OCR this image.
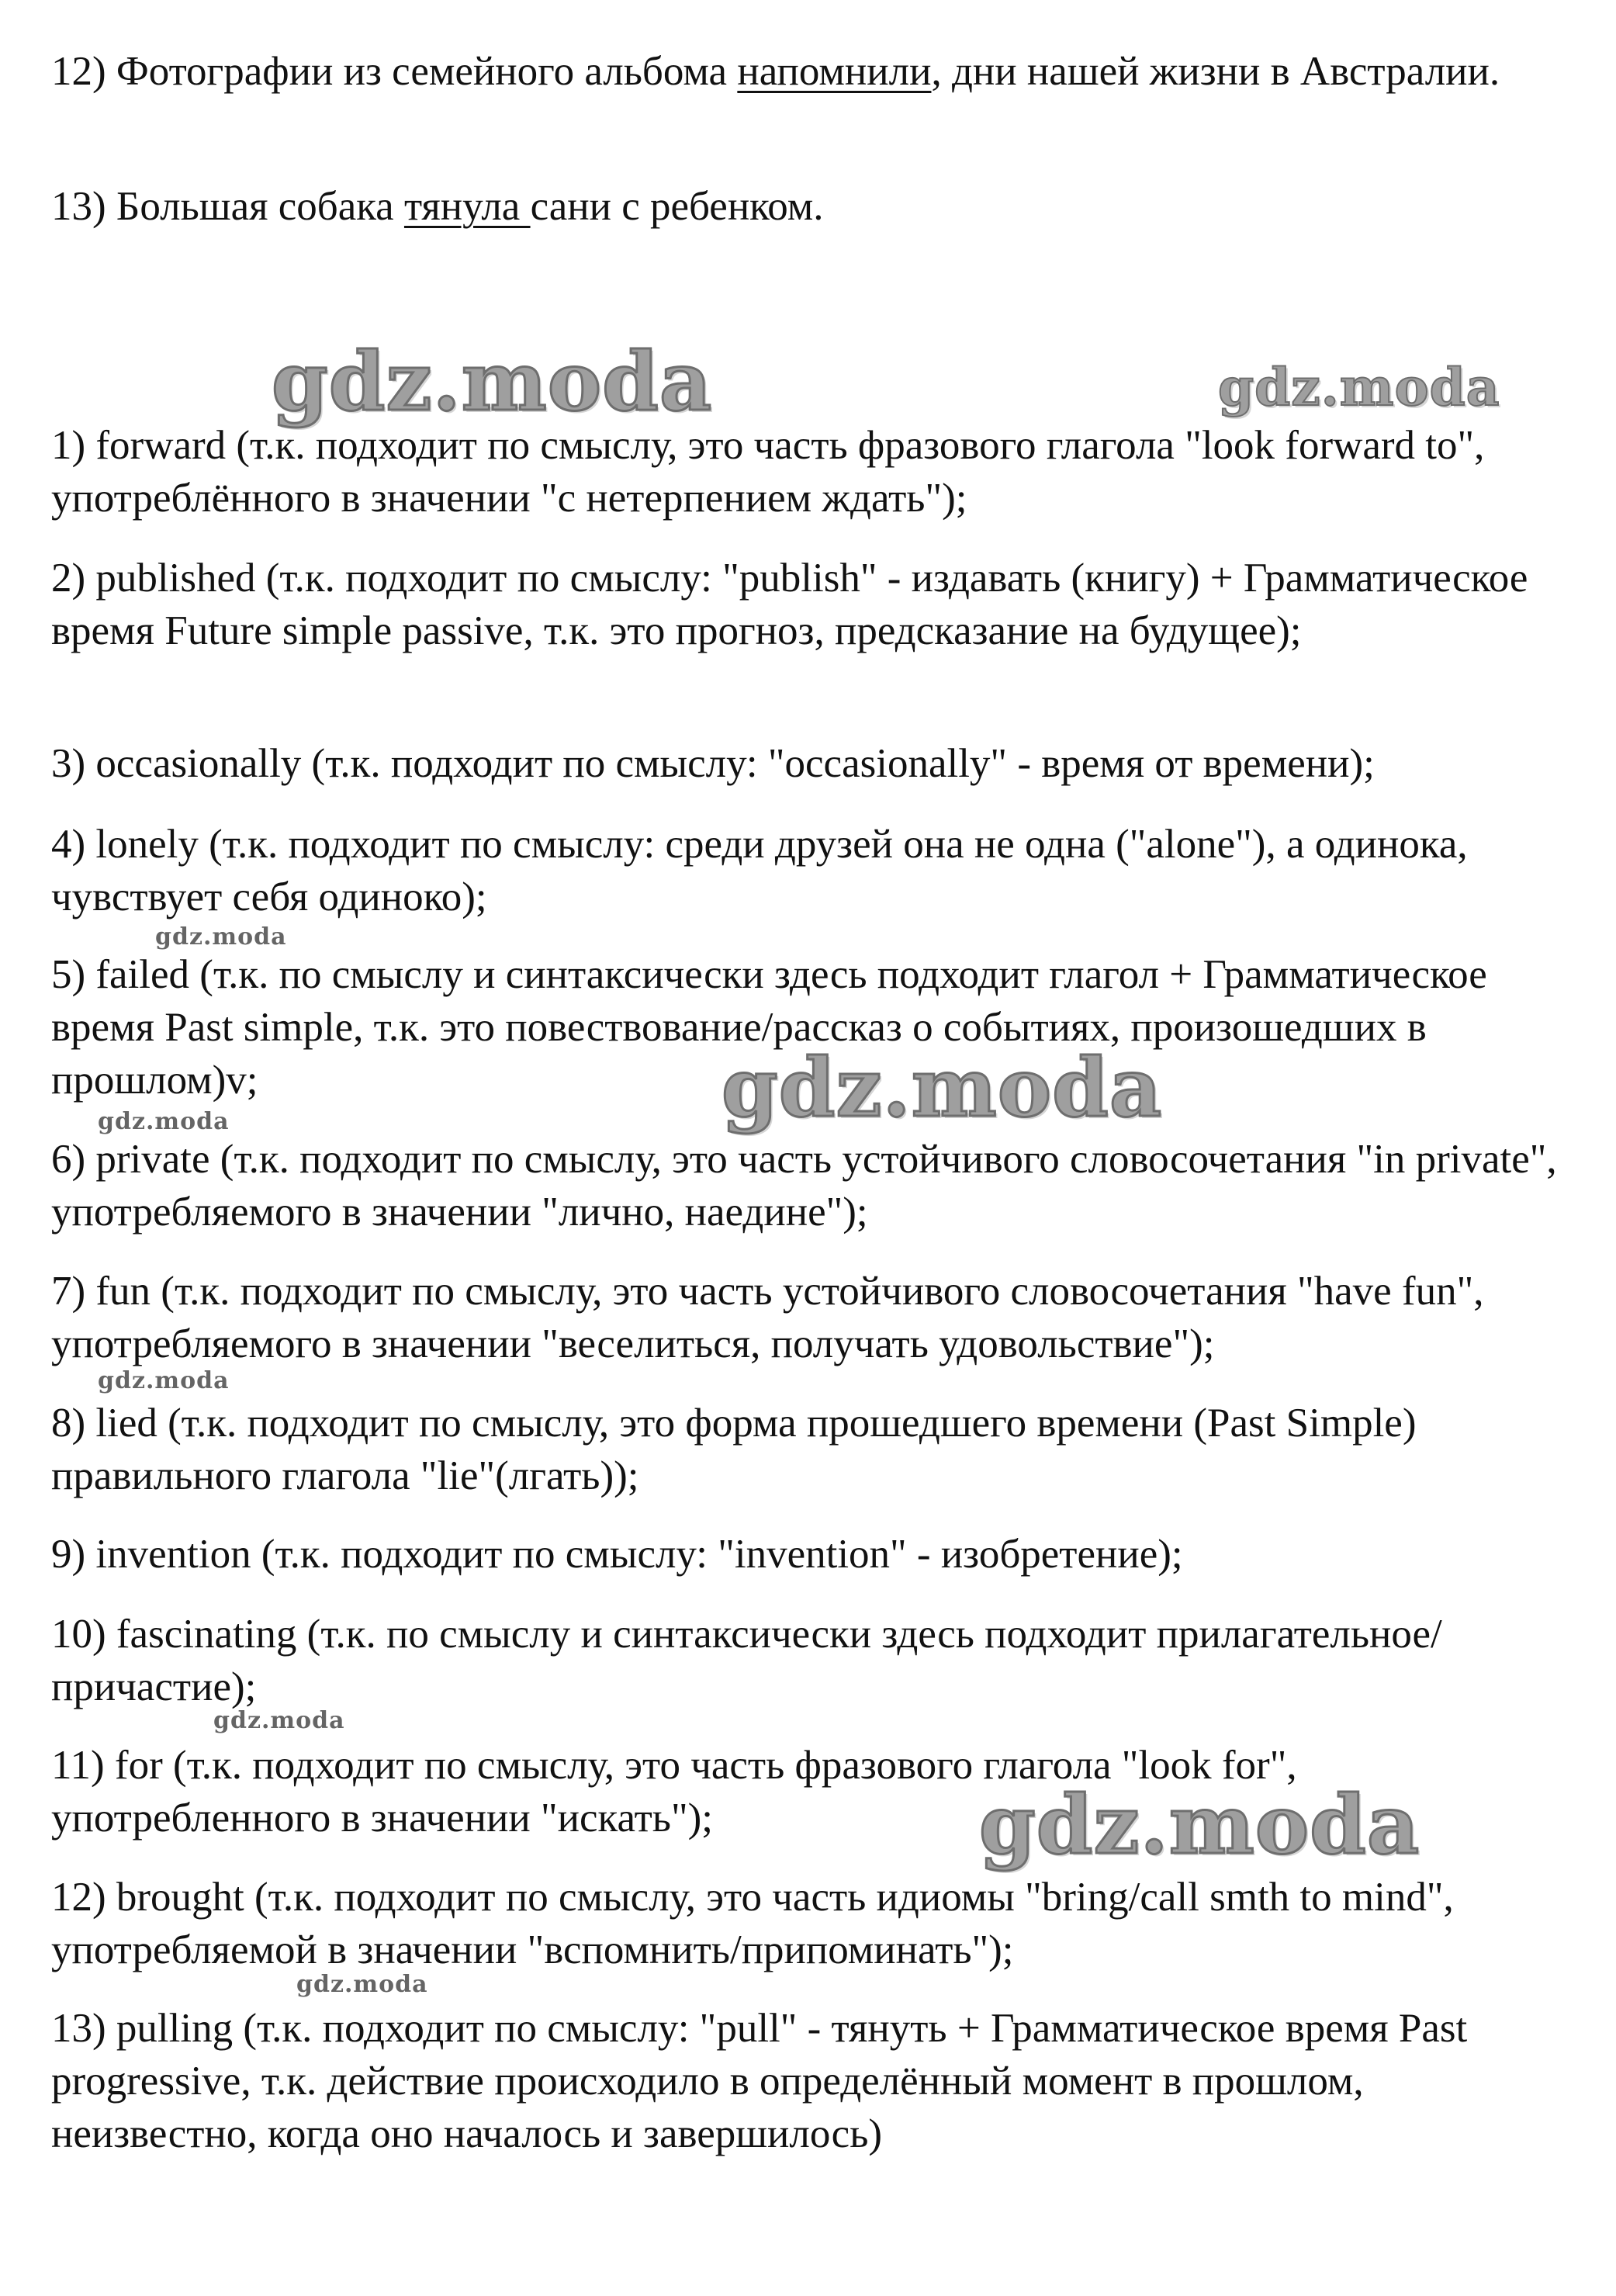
gdz.moda	gdz.moda
gdz.moda
gdz.moda
gdz.moda
gdz.moda
gdz.moda
gdz.moda
gdz.moda

12) Фотографии из семейного альбома напомнили, дни нашей жизни в Австралии.

13) Большая собака тянула сани с ребенком.

1) forward (т.к. подходит по смыслу, это часть фразового глагола "look forward to", употреблённого в значении "с нетерпением ждать");

2) published (т.к. подходит по смыслу: "publish" - издавать (книгу) + Грамматическое время Future simple passive, т.к. это прогноз, предсказание на будущее);

3) occasionally (т.к. подходит по смыслу: "occasionally" - время от времени);

4) lonely (т.к. подходит по смыслу: среди друзей она не одна ("alone"), а одинока, чувствует себя одиноко);

5) failed (т.к. по смыслу и синтаксически здесь подходит глагол + Грамматическое время Past simple, т.к. это повествование/рассказ о событиях, произошедших в прошлом)v;

6) private (т.к. подходит по смыслу, это часть устойчивого словосочетания "in private", употребляемого в значении "лично, наедине");

7) fun (т.к. подходит по смыслу, это часть устойчивого словосочетания "have fun", употребляемого в значении "веселиться, получать удовольствие");

8) lied (т.к. подходит по смыслу, это форма прошедшего времени (Past Simple) правильного глагола "lie"(лгать));

9) invention (т.к. подходит по смыслу: "invention" - изобретение);

10) fascinating (т.к. по смыслу и синтаксически здесь подходит прилагательное/причастие);

11) for (т.к. подходит по смыслу, это часть фразового глагола "look for", употребленного в значении "искать");

12) brought (т.к. подходит по смыслу, это часть идиомы "bring/call smth to mind", употребляемой в значении "вспомнить/припоминать");

13) pulling (т.к. подходит по смыслу: "pull" - тянуть + Грамматическое время Past progressive, т.к. действие происходило в определённый момент в прошлом, неизвестно, когда оно началось и завершилось)
